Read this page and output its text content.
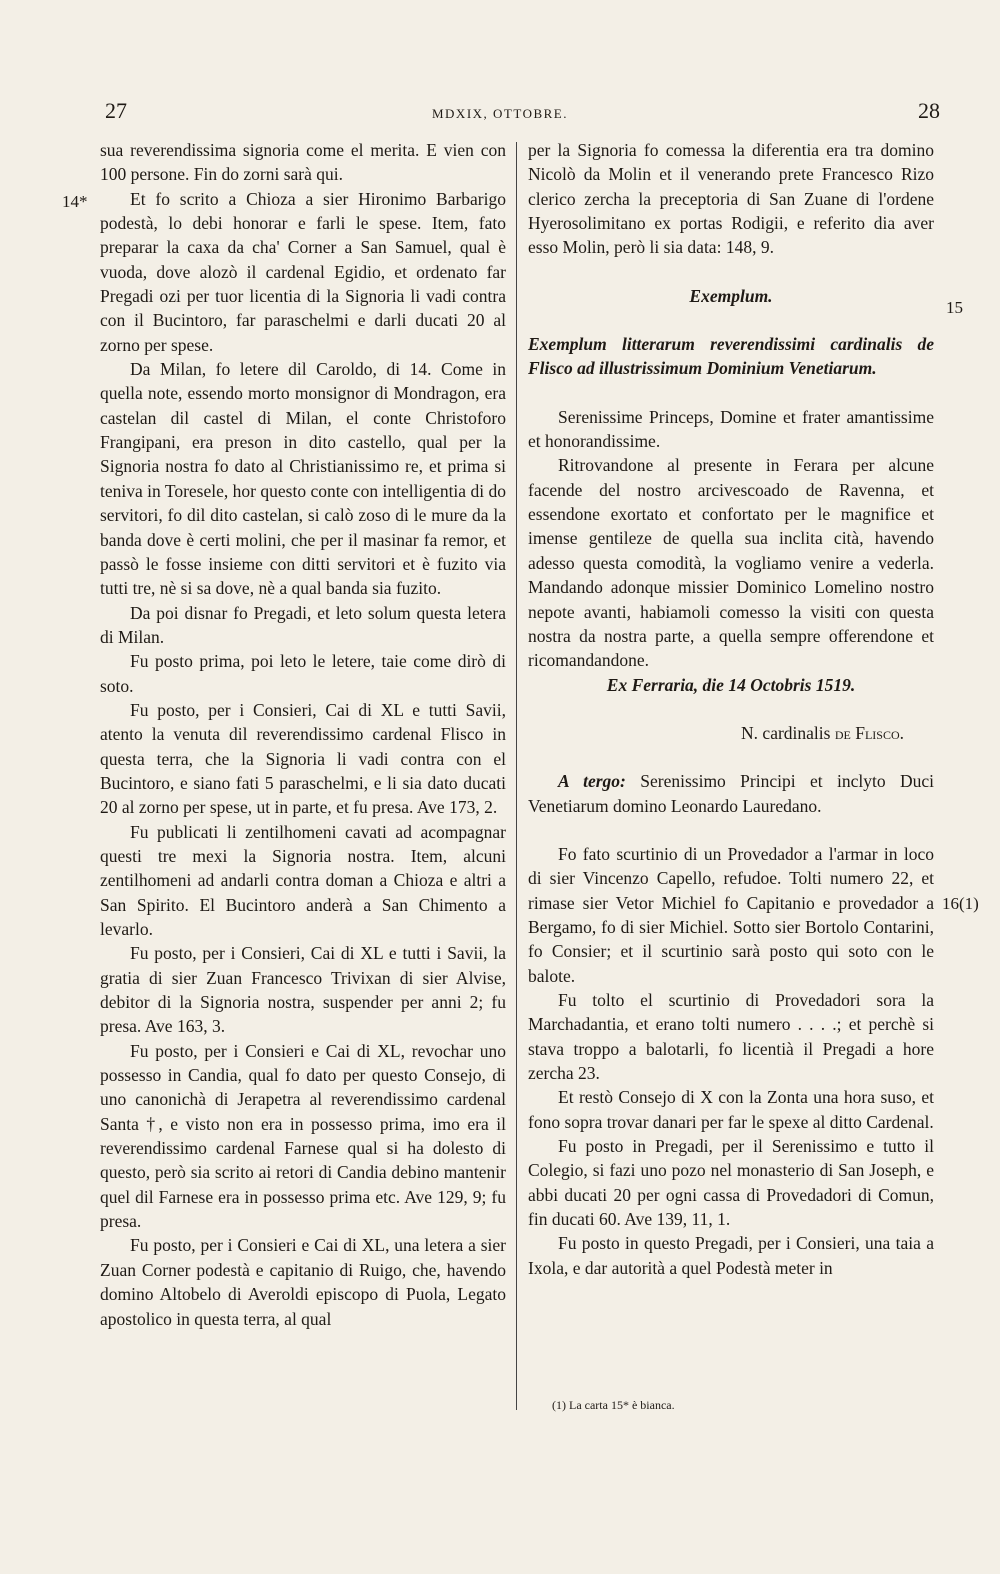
27	MDXIX, OTTOBRE.	28
14*
15
16(1)

sua reverendissima signoria come el merita. E vien con 100 persone. Fin do zorni sarà qui.

Et fo scrito a Chioza a sier Hironimo Barbarigo podestà, lo debi honorar e farli le spese. Item, fato preparar la caxa da cha' Corner a San Samuel, qual è vuoda, dove alozò il cardenal Egidio, et ordenato far Pregadi ozi per tuor licentia di la Signoria li vadi contra con il Bucintoro, far paraschelmi e darli ducati 20 al zorno per spese.

Da Milan, fo letere dil Caroldo, di 14. Come in quella note, essendo morto monsignor di Mondragon, era castelan dil castel di Milan, el conte Christoforo Frangipani, era preson in dito castello, qual per la Signoria nostra fo dato al Christianissimo re, et prima si teniva in Toresele, hor questo conte con intelligentia di do servitori, fo dil dito castelan, si calò zoso di le mure da la banda dove è certi molini, che per il masinar fa remor, et passò le fosse insieme con ditti servitori et è fuzito via tutti tre, nè si sa dove, nè a qual banda sia fuzito.

Da poi disnar fo Pregadi, et leto solum questa letera di Milan.

Fu posto prima, poi leto le letere, taie come dirò di soto.

Fu posto, per i Consieri, Cai di XL e tutti Savii, atento la venuta dil reverendissimo cardenal Flisco in questa terra, che la Signoria li vadi contra con el Bucintoro, e siano fati 5 paraschelmi, e li sia dato ducati 20 al zorno per spese, ut in parte, et fu presa. Ave 173, 2.

Fu publicati li zentilhomeni cavati ad acompagnar questi tre mexi la Signoria nostra. Item, alcuni zentilhomeni ad andarli contra doman a Chioza e altri a San Spirito. El Bucintoro anderà a San Chimento a levarlo.

Fu posto, per i Consieri, Cai di XL e tutti i Savii, la gratia di sier Zuan Francesco Trivixan di sier Alvise, debitor di la Signoria nostra, suspender per anni 2; fu presa. Ave 163, 3.

Fu posto, per i Consieri e Cai di XL, revochar uno possesso in Candia, qual fo dato per questo Consejo, di uno canonichà di Jerapetra al reverendissimo cardenal Santa †, e visto non era in possesso prima, imo era il reverendissimo cardenal Farnese qual si ha dolesto di questo, però sia scrito ai retori di Candia debino mantenir quel dil Farnese era in possesso prima etc. Ave 129, 9; fu presa.

Fu posto, per i Consieri e Cai di XL, una letera a sier Zuan Corner podestà e capitanio di Ruigo, che, havendo domino Altobelo di Averoldi episcopo di Puola, Legato apostolico in questa terra, al qual

per la Signoria fo comessa la diferentia era tra domino Nicolò da Molin et il venerando prete Francesco Rizo clerico zercha la preceptoria di San Zuane di l'ordene Hyerosolimitano ex portas Rodigii, e referito dia aver esso Molin, però li sia data: 148, 9.

Exemplum.

Exemplum litterarum reverendissimi cardinalis de Flisco ad illustrissimum Dominium Venetiarum.

Serenissime Princeps, Domine et frater amantissime et honorandissime.

Ritrovandone al presente in Ferara per alcune facende del nostro arcivescoado de Ravenna, et essendone exortato et confortato per le magnifice et imense gentileze de quella sua inclita cità, havendo adesso questa comodità, la vogliamo venire a vederla. Mandando adonque missier Dominico Lomelino nostro nepote avanti, habiamoli comesso la visiti con questa nostra da nostra parte, a quella sempre offerendone et ricomandandone.

Ex Ferraria, die 14 Octobris 1519.

N. cardinalis de Flisco.

A tergo: Serenissimo Principi et inclyto Duci Venetiarum domino Leonardo Lauredano.

Fo fato scurtinio di un Provedador a l'armar in loco di sier Vincenzo Capello, refudoe. Tolti numero 22, et rimase sier Vetor Michiel fo Capitanio e provedador a Bergamo, fo di sier Michiel. Sotto sier Bortolo Contarini, fo Consier; et il scurtinio sarà posto qui soto con le balote.

Fu tolto el scurtinio di Provedadori sora la Marchadantia, et erano tolti numero . . . .; et perchè si stava troppo a balotarli, fo licentià il Pregadi a hore zercha 23.

Et restò Consejo di X con la Zonta una hora suso, et fono sopra trovar danari per far le spexe al ditto Cardenal.

Fu posto in Pregadi, per il Serenissimo e tutto il Colegio, si fazi uno pozo nel monasterio di San Joseph, e abbi ducati 20 per ogni cassa di Provedadori di Comun, fin ducati 60. Ave 139, 11, 1.

Fu posto in questo Pregadi, per i Consieri, una taia a Ixola, e dar autorità a quel Podestà meter in

(1) La carta 15* è bianca.
